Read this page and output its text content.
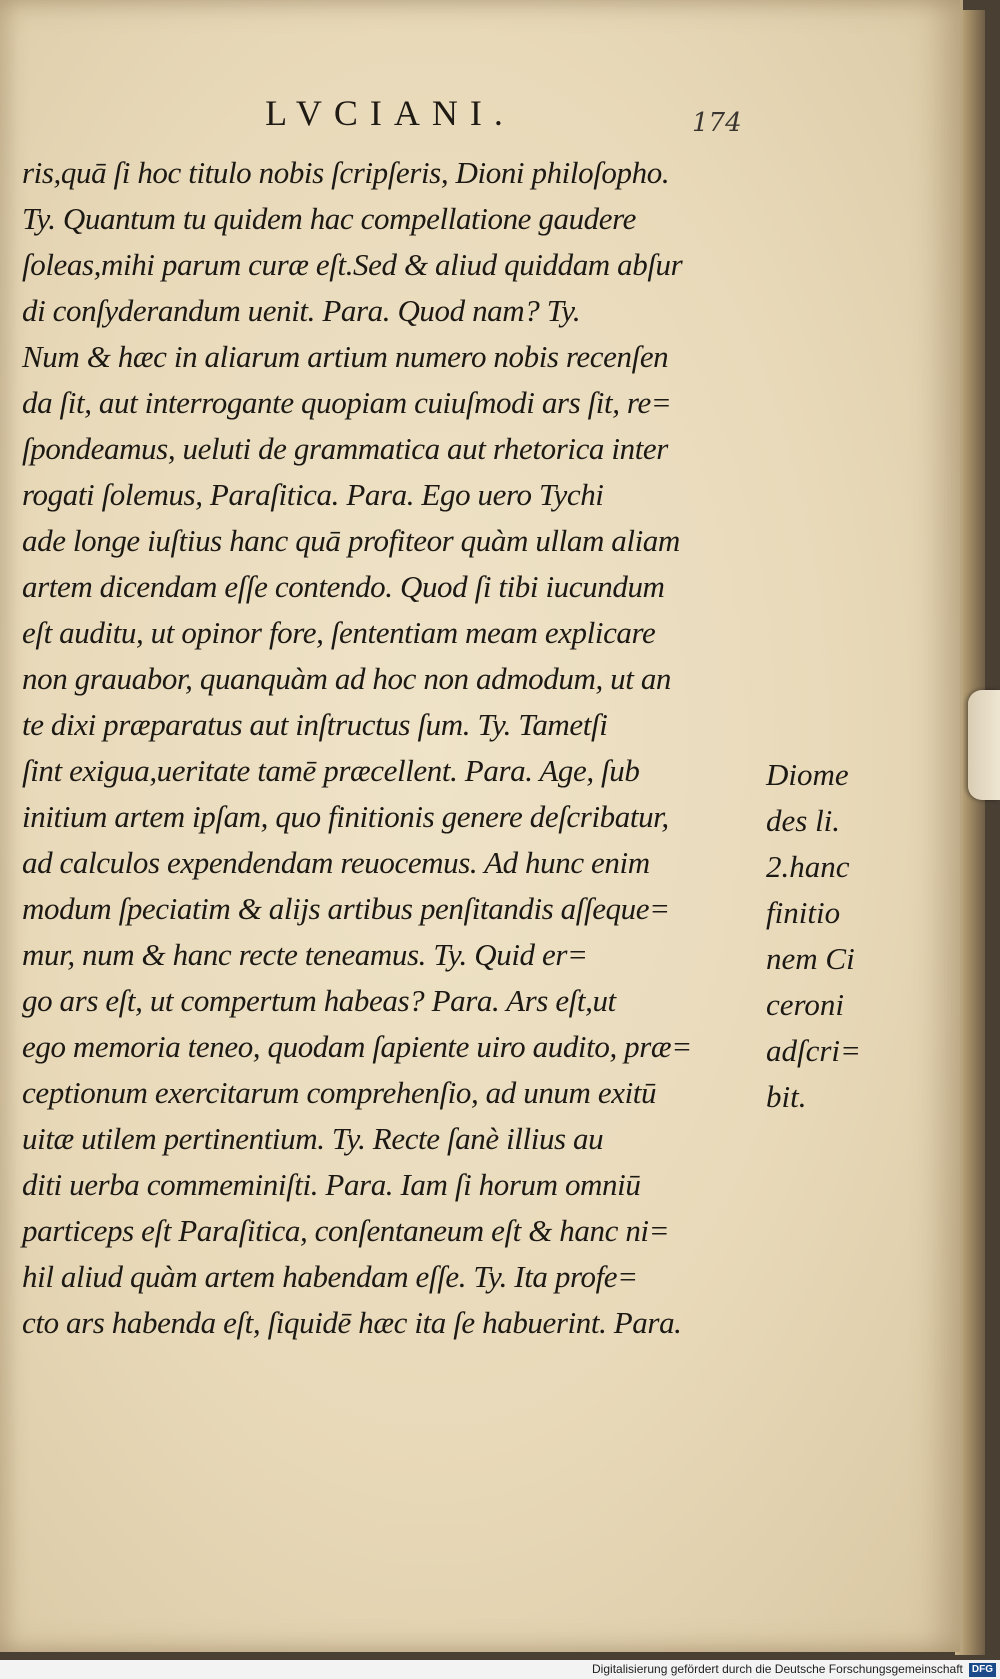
LVCIANI.	174
ris,quā ſi hoc titulo nobis ſcripſeris, Dioni philoſopho.
Ty. Quantum tu quidem hac compellatione gaudere
ſoleas,mihi parum curæ eſt.Sed & aliud quiddam abſur
di conſyderandum uenit. Para. Quod nam? Ty.
Num & hæc in aliarum artium numero nobis recenſen
da ſit, aut interrogante quopiam cuiuſmodi ars ſit, re=
ſpondeamus, ueluti de grammatica aut rhetorica inter
rogati ſolemus, Paraſitica. Para. Ego uero Tychi
ade longe iuſtius hanc quā profiteor quàm ullam aliam
artem dicendam eſſe contendo. Quod ſi tibi iucundum
eſt auditu, ut opinor fore, ſententiam meam explicare
non grauabor, quanquàm ad hoc non admodum, ut an
te dixi præparatus aut inſtructus ſum. Ty. Tametſi
ſint exigua,ueritate tamē præcellent. Para. Age, ſub
initium artem ipſam, quo finitionis genere deſcribatur,
ad calculos expendendam reuocemus. Ad hunc enim
modum ſpeciatim & alijs artibus penſitandis aſſeque=
mur, num & hanc recte teneamus. Ty. Quid er=
go ars eſt, ut compertum habeas? Para. Ars eſt,ut
ego memoria teneo, quodam ſapiente uiro audito, præ=
ceptionum exercitarum comprehenſio, ad unum exitū
uitæ utilem pertinentium. Ty. Recte ſanè illius au
diti uerba commeminiſti. Para. Iam ſi horum omniū
particeps eſt Paraſitica, conſentaneum eſt & hanc ni=
hil aliud quàm artem habendam eſſe. Ty. Ita profe=
cto ars habenda eſt, ſiquidē hæc ita ſe habuerint. Para.
Diome
des li.
2.hanc
finitio
nem Ci
ceroni
adſcri=
bit.
Digitalisierung gefördert durch die Deutsche Forschungsgemeinschaft DFG
